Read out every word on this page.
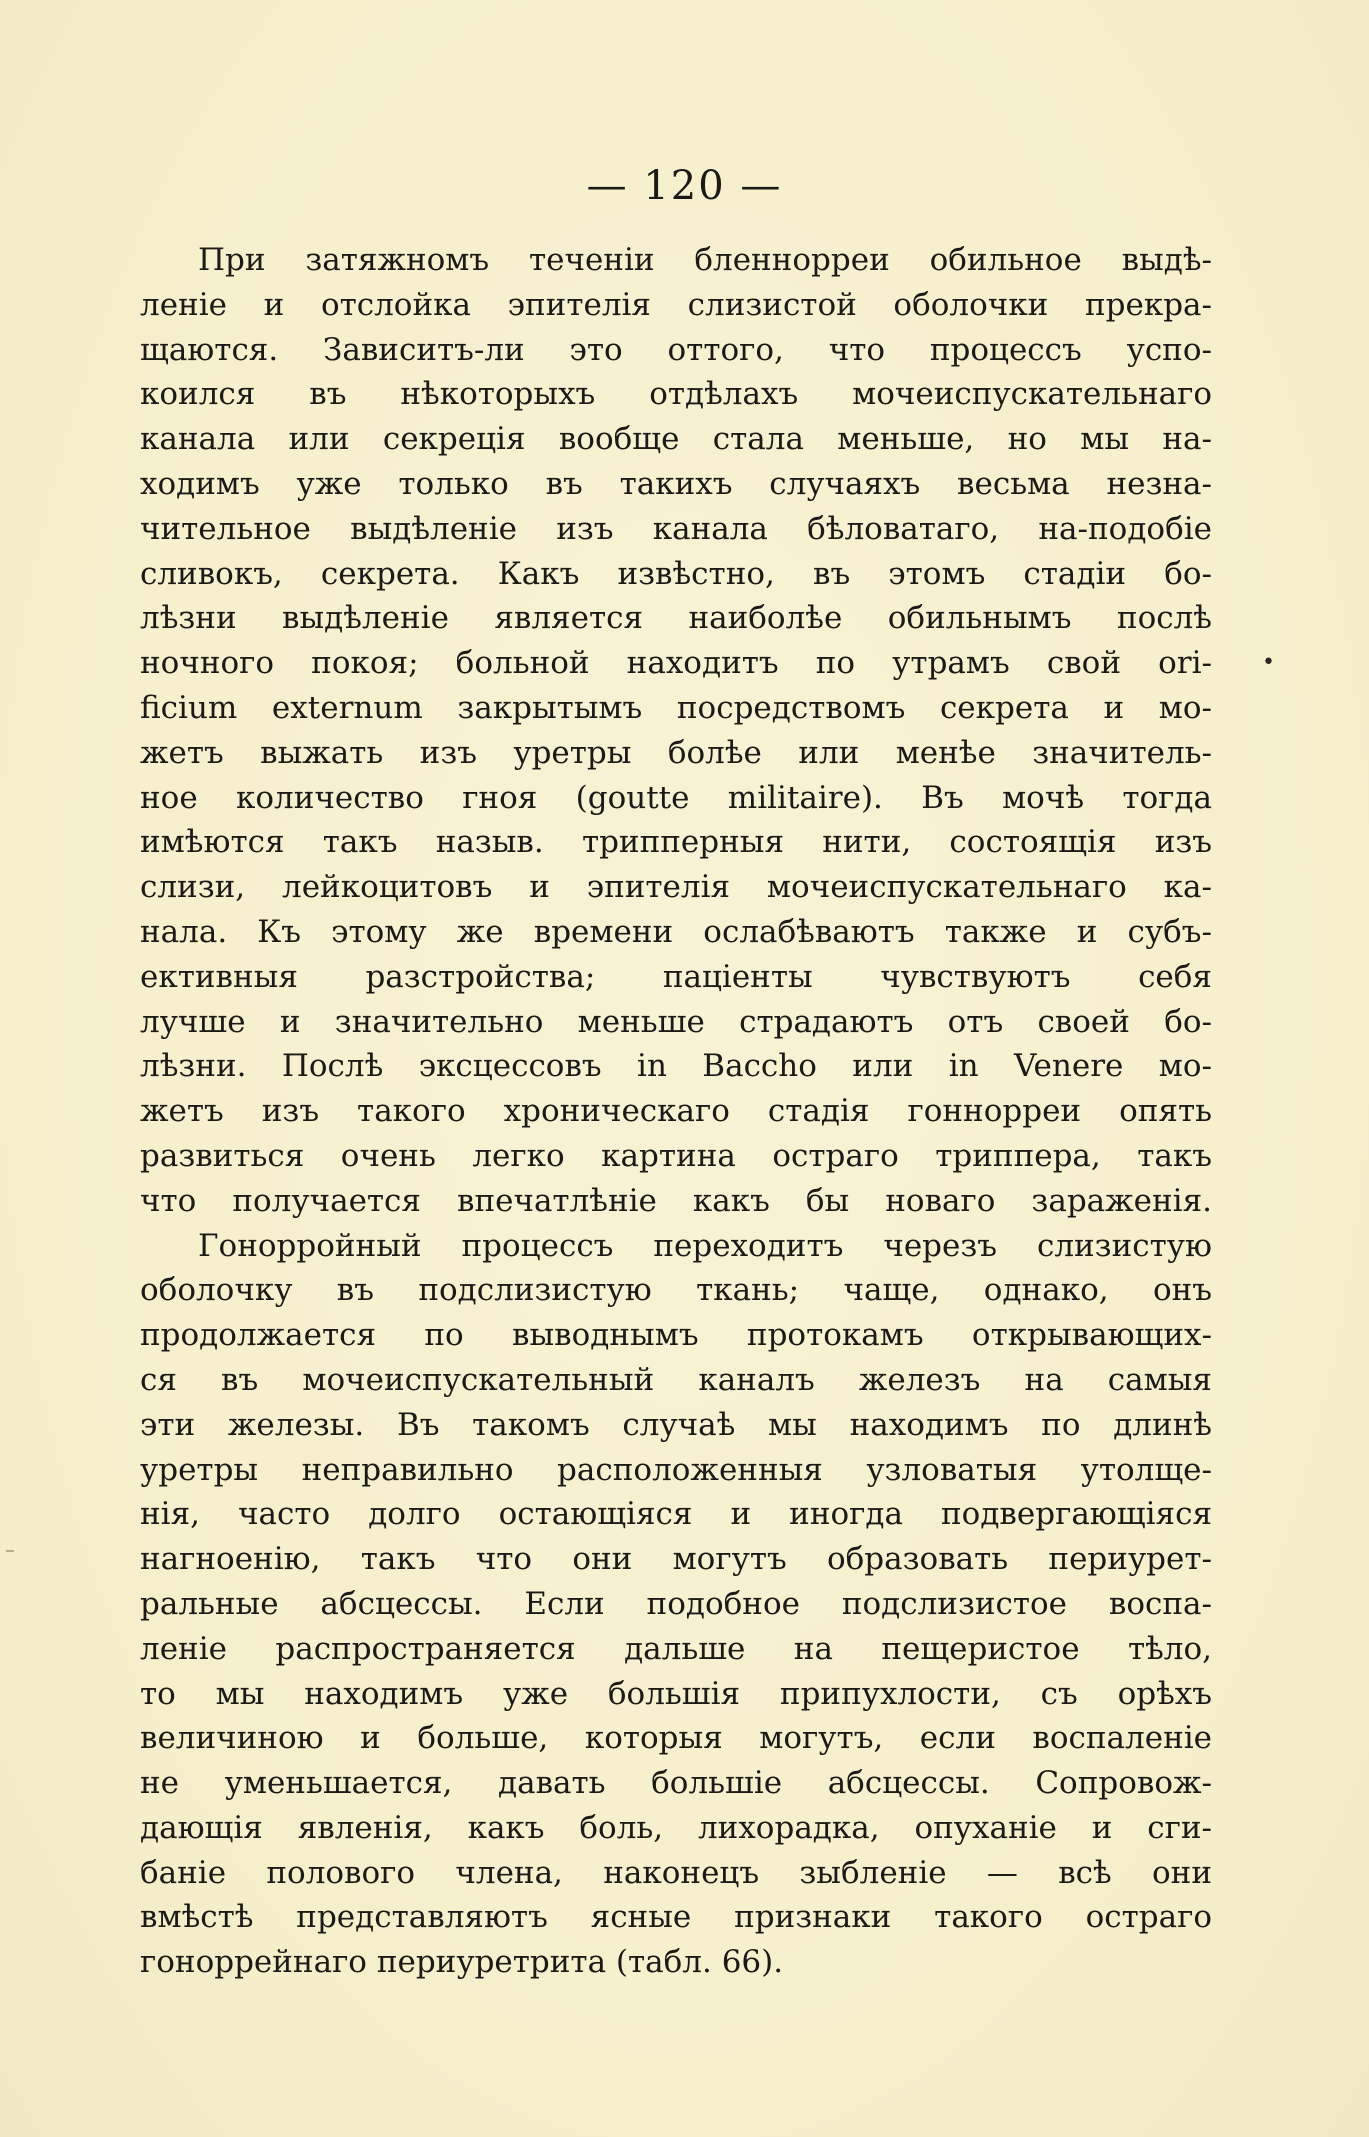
— 120 —
При затяжномъ теченіи бленнорреи обильное выдѣ-
леніе и отслойка эпителія слизистой оболочки прекра-
щаются. Зависитъ-ли это оттого, что процессъ успо-
коился въ нѣкоторыхъ отдѣлахъ мочеиспускательнаго
канала или секреція вообще стала меньше, но мы на-
ходимъ уже только въ такихъ случаяхъ весьма незна-
чительное выдѣленіе изъ канала бѣловатаго, на-подобіе
сливокъ, секрета. Какъ извѣстно, въ этомъ стадіи бо-
лѣзни выдѣленіе является наиболѣе обильнымъ послѣ
ночного покоя; больной находитъ по утрамъ свой ori-
ficium externum закрытымъ посредствомъ секрета и мо-
жетъ выжать изъ уретры болѣе или менѣе значитель-
ное количество гноя (goutte militaire). Въ мочѣ тогда
имѣются такъ назыв. трипперныя нити, состоящія изъ
слизи, лейкоцитовъ и эпителія мочеиспускательнаго ка-
нала. Къ этому же времени ослабѣваютъ также и субъ-
ективныя разстройства; паціенты чувствуютъ себя
лучше и значительно меньше страдаютъ отъ своей бо-
лѣзни. Послѣ эксцессовъ in Baccho или in Venere мо-
жетъ изъ такого хроническаго стадія гоннорреи опять
развиться очень легко картина остраго триппера, такъ
что получается впечатлѣніе какъ бы новаго зараженія.
Гонорройный процессъ переходитъ черезъ слизистую
оболочку въ подслизистую ткань; чаще, однако, онъ
продолжается по выводнымъ протокамъ открывающих-
ся въ мочеиспускательный каналъ железъ на самыя
эти железы. Въ такомъ случаѣ мы находимъ по длинѣ
уретры неправильно расположенныя узловатыя утолще-
нія, часто долго остающіяся и иногда подвергающіяся
нагноенію, такъ что они могутъ образовать периурет-
ральные абсцессы. Если подобное подслизистое воспа-
леніе распространяется дальше на пещеристое тѣло,
то мы находимъ уже большія припухлости, съ орѣхъ
величиною и больше, которыя могутъ, если воспаленіе
не уменьшается, давать большіе абсцессы. Сопровож-
дающія явленія, какъ боль, лихорадка, опуханіе и сги-
баніе полового члена, наконецъ зыбленіе — всѣ они
вмѣстѣ представляютъ ясные признаки такого остраго
гоноррейнаго периуретрита (табл. 66).
•
